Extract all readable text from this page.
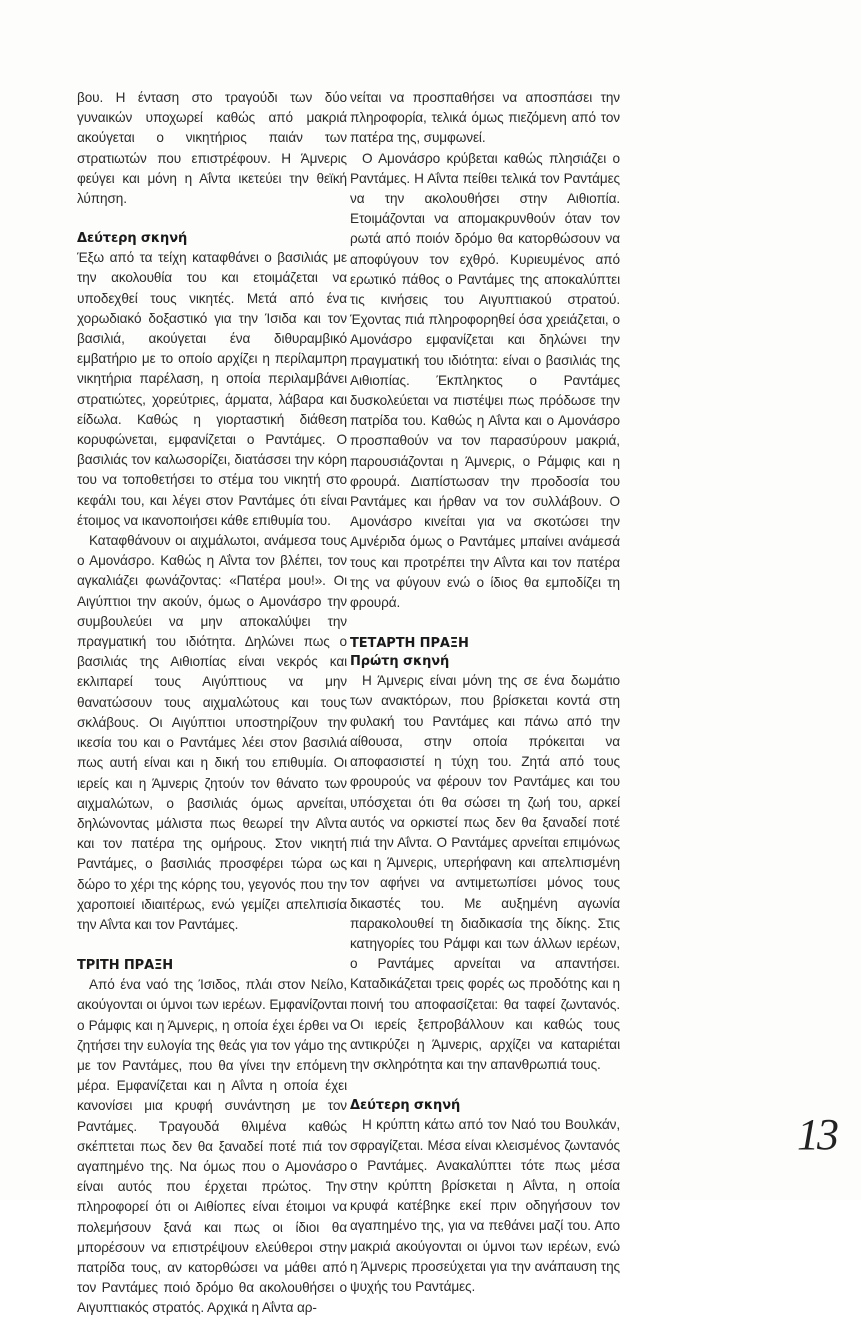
βου. Η ένταση στο τραγούδι των δύο γυναικών υποχωρεί καθώς από μακριά ακούγεται ο νικητήριος παιάν των στρατιωτών που επιστρέφουν. Η Άμνερις φεύγει και μόνη η Αΐντα ικετεύει την θεϊκή λύπηση.

Δεύτερη σκηνή

Έξω από τα τείχη καταφθάνει ο βασιλιάς με την ακολουθία του και ετοιμάζεται να υποδεχθεί τους νικητές. Μετά από ένα χορωδιακό δοξαστικό για την Ίσιδα και τον βασιλιά, ακούγεται ένα διθυραμβικό εμβατήριο με το οποίο αρχίζει η περίλαμπρη νικητήρια παρέλαση, η οποία περιλαμβάνει στρατιώτες, χορεύτριες, άρματα, λάβαρα και είδωλα. Καθώς η γιορταστική διάθεση κορυφώνεται, εμφανίζεται ο Ραντάμες. Ο βασιλιάς τον καλωσορίζει, διατάσσει την κόρη του να τοποθετήσει το στέμα του νικητή στο κεφάλι του, και λέγει στον Ραντάμες ότι είναι έτοιμος να ικανοποιήσει κάθε επιθυμία του.

Καταφθάνουν οι αιχμάλωτοι, ανάμεσα τους ο Αμονάσρο. Καθώς η Αΐντα τον βλέπει, τον αγκαλιάζει φωνάζοντας: «Πατέρα μου!». Οι Αιγύπτιοι την ακούν, όμως ο Αμονάσρο την συμβουλεύει να μην αποκαλύψει την πραγματική του ιδιότητα. Δηλώνει πως ο βασιλιάς της Αιθιοπίας είναι νεκρός και εκλιπαρεί τους Αιγύπτιους να μην θανατώσουν τους αιχμαλώτους και τους σκλάβους. Οι Αιγύπτιοι υποστηρίζουν την ικεσία του και ο Ραντάμες λέει στον βασιλιά πως αυτή είναι και η δική του επιθυμία. Οι ιερείς και η Άμνερις ζητούν τον θάνατο των αιχμαλώτων, ο βασιλιάς όμως αρνείται, δηλώνοντας μάλιστα πως θεωρεί την Αΐντα και τον πατέρα της ομήρους. Στον νικητή Ραντάμες, ο βασιλιάς προσφέρει τώρα ως δώρο το χέρι της κόρης του, γεγονός που την χαροποιεί ιδιαιτέρως, ενώ γεμίζει απελπισία την Αΐντα και τον Ραντάμες.

ΤΡΙΤΗ ΠΡΑΞΗ

Από ένα ναό της Ίσιδος, πλάι στον Νείλο, ακούγονται οι ύμνοι των ιερέων. Εμφανίζονται ο Ράμφις και η Άμνερις, η οποία έχει έρθει να ζητήσει την ευλογία της θεάς για τον γάμο της με τον Ραντάμες, που θα γίνει την επόμενη μέρα. Εμφανίζεται και η Αΐντα η οποία έχει κανονίσει μια κρυφή συνάντηση με τον Ραντάμες. Τραγουδά θλιμένα καθώς σκέπτεται πως δεν θα ξαναδεί ποτέ πιά τον αγαπημένο της. Να όμως που ο Αμονάσρο είναι αυτός που έρχεται πρώτος. Την πληροφορεί ότι οι Αιθίοπες είναι έτοιμοι να πολεμήσουν ξανά και πως οι ίδιοι θα μπορέσουν να επιστρέψουν ελεύθεροι στην πατρίδα τους, αν κατορθώσει να μάθει από τον Ραντάμες ποιό δρόμο θα ακολουθήσει ο Αιγυπτιακός στρατός. Αρχικά η Αΐντα αρ-

νείται να προσπαθήσει να αποσπάσει την πληροφορία, τελικά όμως πιεζόμενη από τον πατέρα της, συμφωνεί.

Ο Αμονάσρο κρύβεται καθώς πλησιάζει ο Ραντάμες. Η Αΐντα πείθει τελικά τον Ραντάμες να την ακολουθήσει στην Αιθιοπία. Ετοιμάζονται να απομακρυνθούν όταν τον ρωτά από ποιόν δρόμο θα κατορθώσουν να αποφύγουν τον εχθρό. Κυριευμένος από ερωτικό πάθος ο Ραντάμες της αποκαλύπτει τις κινήσεις του Αιγυπτιακού στρατού. Έχοντας πιά πληροφορηθεί όσα χρειάζεται, ο Αμονάσρο εμφανίζεται και δηλώνει την πραγματική του ιδιότητα: είναι ο βασιλιάς της Αιθιοπίας. Έκπληκτος ο Ραντάμες δυσκολεύεται να πιστέψει πως πρόδωσε την πατρίδα του. Καθώς η Αΐντα και ο Αμονάσρο προσπαθούν να τον παρασύρουν μακριά, παρουσιάζονται η Άμνερις, ο Ράμφις και η φρουρά. Διαπίστωσαν την προδοσία του Ραντάμες και ήρθαν να τον συλλάβουν. Ο Αμονάσρο κινείται για να σκοτώσει την Αμνέριδα όμως ο Ραντάμες μπαίνει ανάμεσά τους και προτρέπει την Αΐντα και τον πατέρα της να φύγουν ενώ ο ίδιος θα εμποδίζει τη φρουρά.

ΤΕΤΑΡΤΗ ΠΡΑΞΗ
Πρώτη σκηνή

Η Άμνερις είναι μόνη της σε ένα δωμάτιο των ανακτόρων, που βρίσκεται κοντά στη φυλακή του Ραντάμες και πάνω από την αίθουσα, στην οποία πρόκειται να αποφασιστεί η τύχη του. Ζητά από τους φρουρούς να φέρουν τον Ραντάμες και του υπόσχεται ότι θα σώσει τη ζωή του, αρκεί αυτός να ορκιστεί πως δεν θα ξαναδεί ποτέ πιά την Αΐντα. Ο Ραντάμες αρνείται επιμόνως και η Άμνερις, υπερήφανη και απελπισμένη τον αφήνει να αντιμετωπίσει μόνος τους δικαστές του. Με αυξημένη αγωνία παρακολουθεί τη διαδικασία της δίκης. Στις κατηγορίες του Ράμφι και των άλλων ιερέων, ο Ραντάμες αρνείται να απαντήσει. Καταδικάζεται τρεις φορές ως προδότης και η ποινή του αποφασίζεται: θα ταφεί ζωντανός. Οι ιερείς ξεπροβάλλουν και καθώς τους αντικρύζει η Άμνερις, αρχίζει να καταριέται την σκληρότητα και την απανθρωπιά τους.

Δεύτερη σκηνή

Η κρύπτη κάτω από τον Ναό του Βουλκάν, σφραγίζεται. Μέσα είναι κλεισμένος ζωντανός ο Ραντάμες. Ανακαλύπτει τότε πως μέσα στην κρύπτη βρίσκεται η Αΐντα, η οποία κρυφά κατέβηκε εκεί πριν οδηγήσουν τον αγαπημένο της, για να πεθάνει μαζί του. Απο μακριά ακούγονται οι ύμνοι των ιερέων, ενώ η Άμνερις προσεύχεται για την ανάπαυση της ψυχής του Ραντάμες.

13
